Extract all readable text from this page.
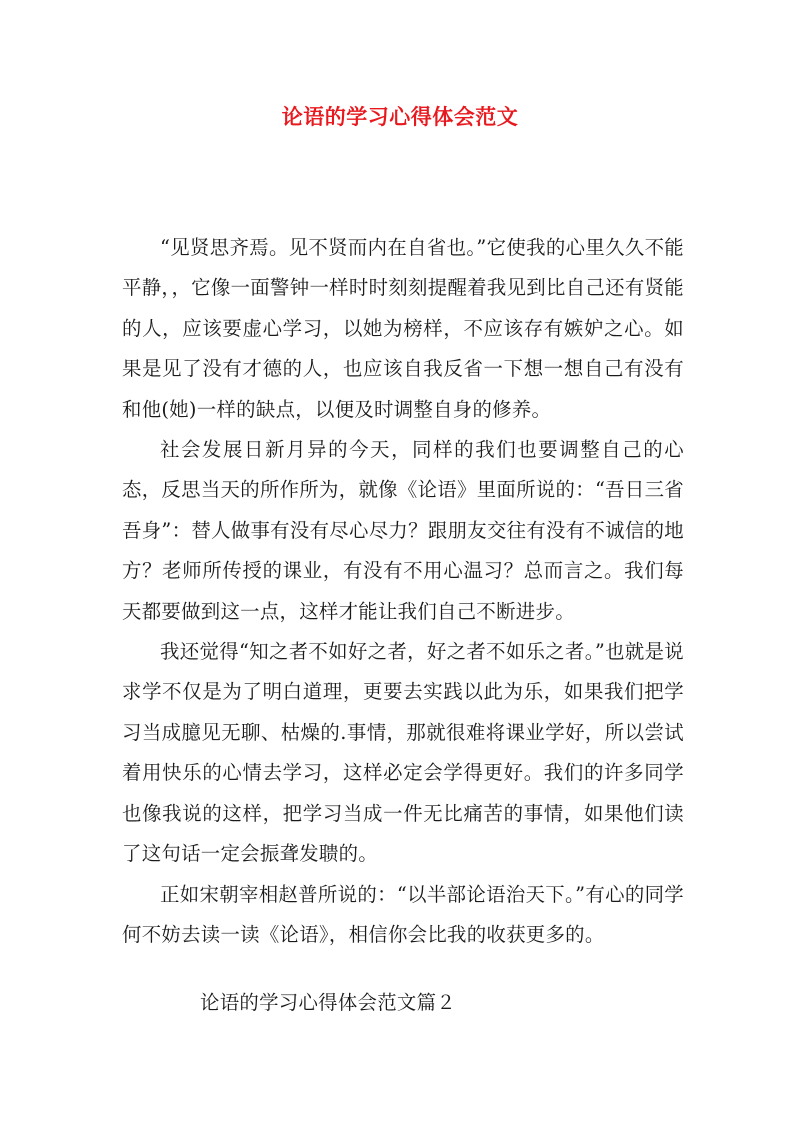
论语的学习心得体会范文

“见贤思齐焉。见不贤而内在自省也。”它使我的心里久久不能平静，，它像一面警钟一样时时刻刻提醒着我见到比自己还有贤能的人，应该要虚心学习，以她为榜样，不应该存有嫉妒之心。如果是见了没有才德的人，也应该自我反省一下想一想自己有没有和他(她)一样的缺点，以便及时调整自身的修养。

社会发展日新月异的今天，同样的我们也要调整自己的心态，反思当天的所作所为，就像《论语》里面所说的：“吾日三省吾身”：替人做事有没有尽心尽力？跟朋友交往有没有不诚信的地方？老师所传授的课业，有没有不用心温习？总而言之。我们每天都要做到这一点，这样才能让我们自己不断进步。

我还觉得“知之者不如好之者，好之者不如乐之者。”也就是说求学不仅是为了明白道理，更要去实践以此为乐，如果我们把学习当成臆见无聊、枯燥的.事情，那就很难将课业学好，所以尝试着用快乐的心情去学习，这样必定会学得更好。我们的许多同学也像我说的这样，把学习当成一件无比痛苦的事情，如果他们读了这句话一定会振聋发聩的。

正如宋朝宰相赵普所说的：“以半部论语治天下。”有心的同学何不妨去读一读《论语》，相信你会比我的收获更多的。

论语的学习心得体会范文篇２
